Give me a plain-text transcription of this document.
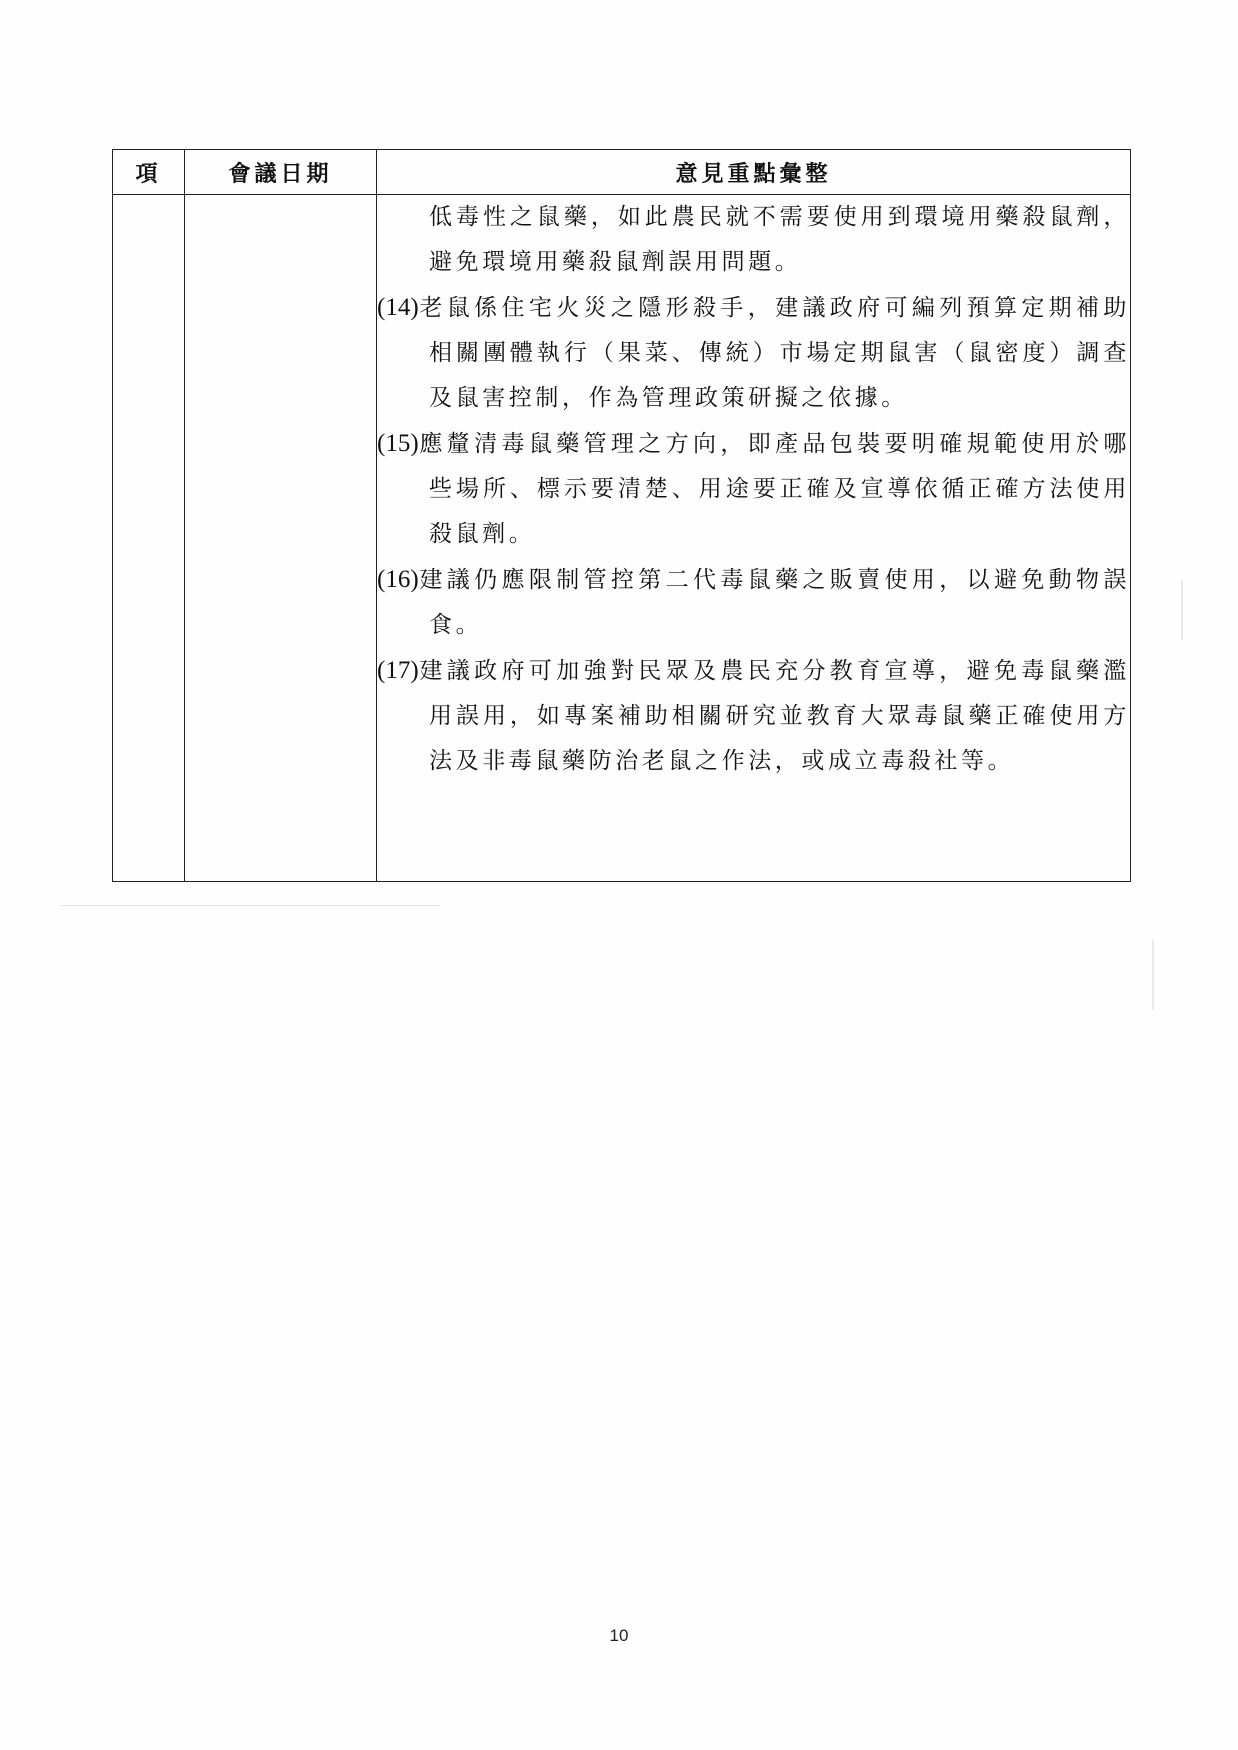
項	會議日期	意見重點彙整

		低毒性之鼠藥，如此農民就不需要使用到環境用藥殺鼠劑，避免環境用藥殺鼠劑誤用問題。
(14)老鼠係住宅火災之隱形殺手，建議政府可編列預算定期補助相關團體執行（果菜、傳統）市場定期鼠害（鼠密度）調查及鼠害控制，作為管理政策研擬之依據。
(15)應釐清毒鼠藥管理之方向，即產品包裝要明確規範使用於哪些場所、標示要清楚、用途要正確及宣導依循正確方法使用殺鼠劑。
(16)建議仍應限制管控第二代毒鼠藥之販賣使用，以避免動物誤食。
(17)建議政府可加強對民眾及農民充分教育宣導，避免毒鼠藥濫用誤用，如專案補助相關研究並教育大眾毒鼠藥正確使用方法及非毒鼠藥防治老鼠之作法，或成立毒殺社等。
10
